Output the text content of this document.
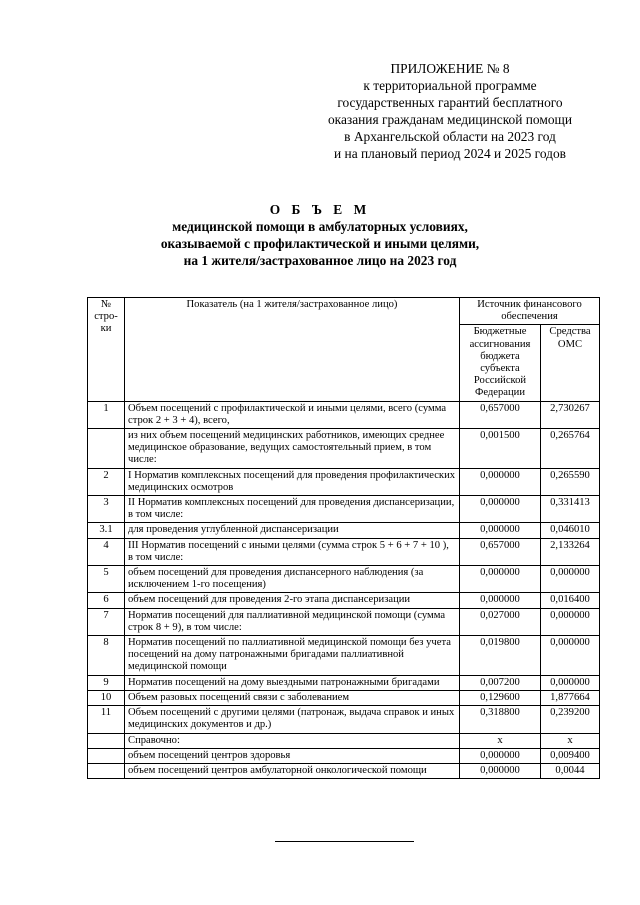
ПРИЛОЖЕНИЕ № 8
к территориальной программе
государственных гарантий бесплатного
оказания гражданам медицинской помощи
в Архангельской области на 2023 год
и на плановый период 2024 и 2025 годов
О Б Ъ Е М
медицинской помощи в амбулаторных условиях,
оказываемой с профилактической и иными целями,
на 1 жителя/застрахованное лицо на 2023 год
№ стро-ки	Показатель (на 1 жителя/застрахованное лицо)	Источник финансового обеспечения	
		Бюджетные ассигнования бюджета субъекта Российской Федерации	Средства ОМС
1	Объем посещений с профилактической и иными целями, всего (сумма строк 2 + 3 + 4), всего,	0,657000	2,730267
	из них объем посещений медицинских работников, имеющих среднее медицинское образование, ведущих самостоятельный прием, в том числе:	0,001500	0,265764
2	I Норматив комплексных посещений для проведения профилактических медицинских осмотров	0,000000	0,265590
3	II Норматив комплексных посещений для проведения диспансеризации, в том числе:	0,000000	0,331413
3.1	для проведения углубленной диспансеризации	0,000000	0,046010
4	III Норматив посещений с иными целями (сумма строк 5 + 6 + 7 + 10 ), в том числе:	0,657000	2,133264
5	объем посещений для проведения диспансерного наблюдения (за исключением 1-го посещения)	0,000000	0,000000
6	объем посещений для проведения 2-го этапа диспансеризации	0,000000	0,016400
7	Норматив посещений для паллиативной медицинской помощи (сумма строк 8 + 9), в том числе:	0,027000	0,000000
8	Норматив посещений по паллиативной медицинской помощи без учета посещений на дому патронажными бригадами паллиативной медицинской помощи	0,019800	0,000000
9	Норматив посещений на дому выездными патронажными бригадами	0,007200	0,000000
10	Объем разовых посещений связи с заболеванием	0,129600	1,877664
11	Объем посещений с другими целями (патронаж, выдача справок и иных медицинских документов и др.)	0,318800	0,239200
	Справочно:	х	х
	объем посещений центров здоровья	0,000000	0,009400
	объем посещений центров амбулаторной онкологической помощи	0,000000	0,0044
